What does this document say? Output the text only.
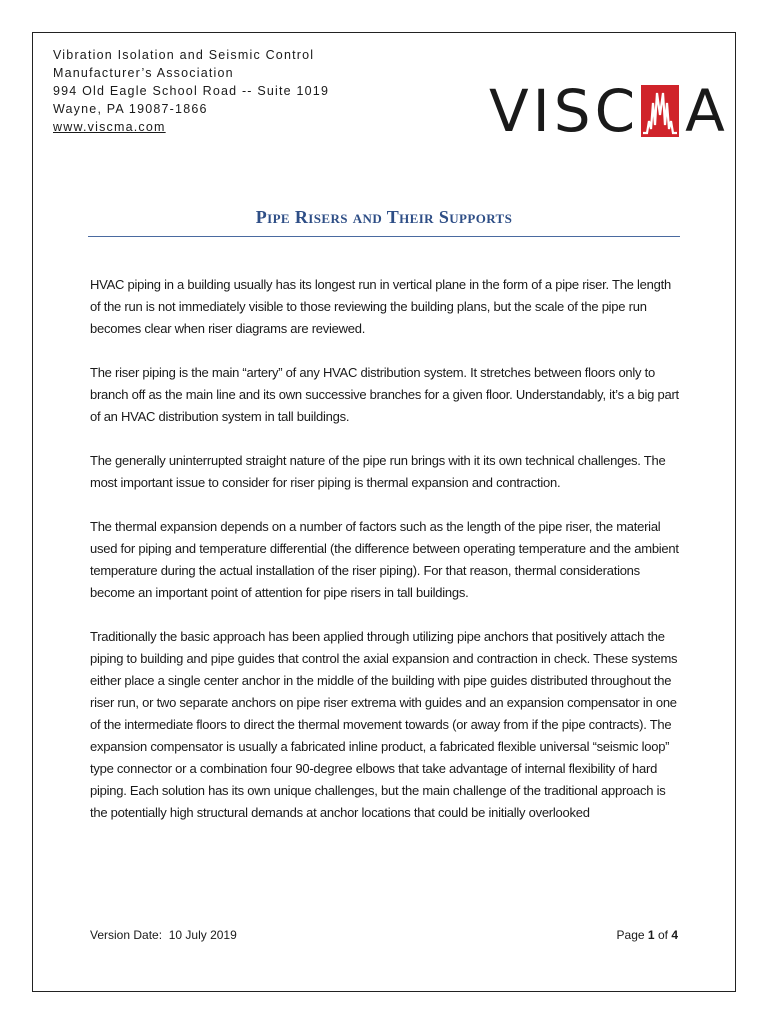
Vibration Isolation and Seismic Control
Manufacturer’s Association
994 Old Eagle School Road -- Suite 1019
Wayne, PA 19087-1866
www.viscma.com	VISC A
Pipe Risers and Their Supports

HVAC piping in a building usually has its longest run in vertical plane in the form of a pipe riser. The length of the run is not immediately visible to those reviewing the building plans, but the scale of the pipe run becomes clear when riser diagrams are reviewed.

The riser piping is the main “artery” of any HVAC distribution system. It stretches between floors only to branch off as the main line and its own successive branches for a given floor. Understandably, it’s a big part of an HVAC distribution system in tall buildings.

The generally uninterrupted straight nature of the pipe run brings with it its own technical challenges. The most important issue to consider for riser piping is thermal expansion and contraction.

The thermal expansion depends on a number of factors such as the length of the pipe riser, the material used for piping and temperature differential (the difference between operating temperature and the ambient temperature during the actual installation of the riser piping). For that reason, thermal considerations become an important point of attention for pipe risers in tall buildings.

Traditionally the basic approach has been applied through utilizing pipe anchors that positively attach the piping to building and pipe guides that control the axial expansion and contraction in check. These systems either place a single center anchor in the middle of the building with pipe guides distributed throughout the riser run, or two separate anchors on pipe riser extrema with guides and an expansion compensator in one of the intermediate floors to direct the thermal movement towards (or away from if the pipe contracts). The expansion compensator is usually a fabricated inline product, a fabricated flexible universal “seismic loop” type connector or a combination four 90-degree elbows that take advantage of internal flexibility of hard piping. Each solution has its own unique challenges, but the main challenge of the traditional approach is the potentially high structural demands at anchor locations that could be initially overlooked

Version Date: 10 July 2019	Page 1 of 4
